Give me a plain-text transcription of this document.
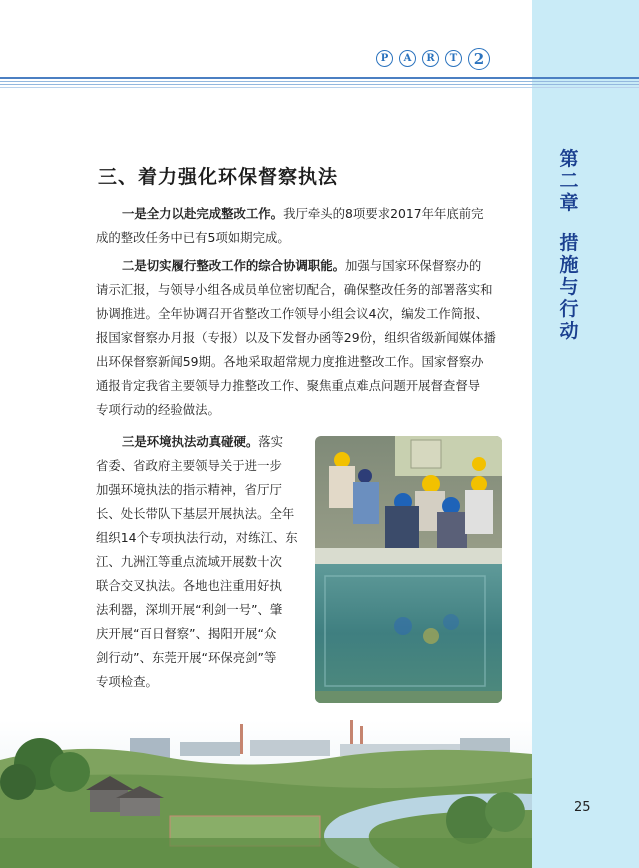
P	A	R	T	2
第
二
章
措
施
与
行
动
三、着力强化环保督察执法
一是全力以赴完成整改工作。我厅牵头的8项要求2017年年底前完
成的整改任务中已有5项如期完成。
二是切实履行整改工作的综合协调职能。加强与国家环保督察办的
请示汇报，与领导小组各成员单位密切配合，确保整改任务的部署落实和
协调推进。全年协调召开省整改工作领导小组会议4次，编发工作简报、
报国家督察办月报（专报）以及下发督办函等29份，组织省级新闻媒体播
出环保督察新闻59期。各地采取超常规力度推进整改工作。国家督察办
通报肯定我省主要领导力推整改工作、聚焦重点难点问题开展督查督导
专项行动的经验做法。
三是环境执法动真碰硬。落实
省委、省政府主要领导关于进一步
加强环境执法的指示精神，省厅厅
长、处长带队下基层开展执法。全年
组织14个专项执法行动，对练江、东
江、九洲江等重点流域开展数十次
联合交叉执法。各地也注重用好执
法利器，深圳开展“利剑一号”、肇
庆开展“百日督察”、揭阳开展“众
剑行动”、东莞开展“环保亮剑”等
专项检查。
25
